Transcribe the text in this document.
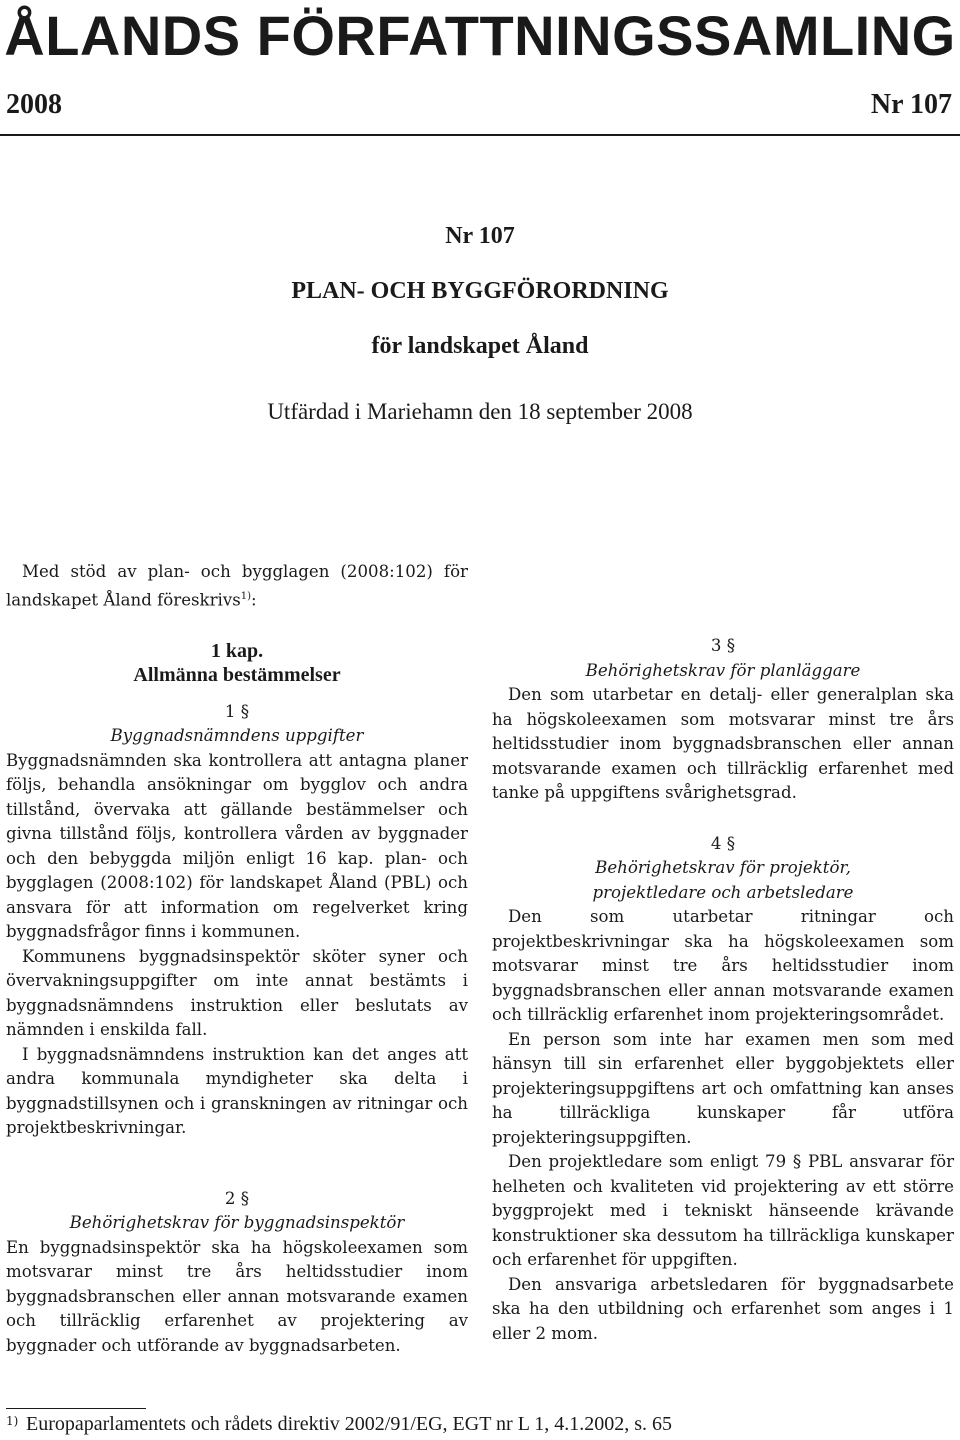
ÅLANDS FÖRFATTNINGSSAMLING
2008	Nr 107
Nr 107
PLAN- OCH BYGGFÖRORDNING
för landskapet Åland
Utfärdad i Mariehamn den 18 september 2008

Med stöd av plan- och bygglagen (2008:102) för landskapet Åland föreskrivs$^{1)}$:

1 kap.

Allmänna bestämmelser

1 §

Byggnadsnämndens uppgifter

Byggnadsnämnden ska kontrollera att antagna planer följs, behandla ansökningar om bygglov och andra tillstånd, övervaka att gällande bestämmelser och givna tillstånd följs, kontrollera vården av byggnader och den bebyggda miljön enligt 16 kap. plan- och bygglagen (2008:102) för landskapet Åland (PBL) och ansvara för att information om regelverket kring byggnadsfrågor finns i kommunen.

Kommunens byggnadsinspektör sköter syner och övervakningsuppgifter om inte annat bestämts i byggnadsnämndens instruktion eller beslutats av nämnden i enskilda fall.

I byggnadsnämndens instruktion kan det anges att andra kommunala myndigheter ska delta i byggnadstillsynen och i granskningen av ritningar och projektbeskrivningar.

2 §

Behörighetskrav för byggnadsinspektör

En byggnadsinspektör ska ha högskoleexamen som motsvarar minst tre års heltidsstudier inom byggnadsbranschen eller annan motsvarande examen och tillräcklig erfarenhet av projektering av byggnader och utförande av byggnadsarbeten.

3 §

Behörighetskrav för planläggare

Den som utarbetar en detalj- eller generalplan ska ha högskoleexamen som motsvarar minst tre års heltidsstudier inom byggnadsbranschen eller annan motsvarande examen och tillräcklig erfarenhet med tanke på uppgiftens svårighetsgrad.

4 §

Behörighetskrav för projektör,

projektledare och arbetsledare

Den som utarbetar ritningar och projektbeskrivningar ska ha högskoleexamen som motsvarar minst tre års heltidsstudier inom byggnadsbranschen eller annan motsvarande examen och tillräcklig erfarenhet inom projekteringsområdet.

En person som inte har examen men som med hänsyn till sin erfarenhet eller byggobjektets eller projekteringsuppgiftens art och omfattning kan anses ha tillräckliga kunskaper får utföra projekteringsuppgiften.

Den projektledare som enligt 79 § PBL ansvarar för helheten och kvaliteten vid projektering av ett större byggprojekt med i tekniskt hänseende krävande konstruktioner ska dessutom ha tillräckliga kunskaper och erfarenhet för uppgiften.

Den ansvariga arbetsledaren för byggnadsarbete ska ha den utbildning och erfarenhet som anges i 1 eller 2 mom.

1) Europaparlamentets och rådets direktiv 2002/91/EG, EGT nr L 1, 4.1.2002, s. 65
